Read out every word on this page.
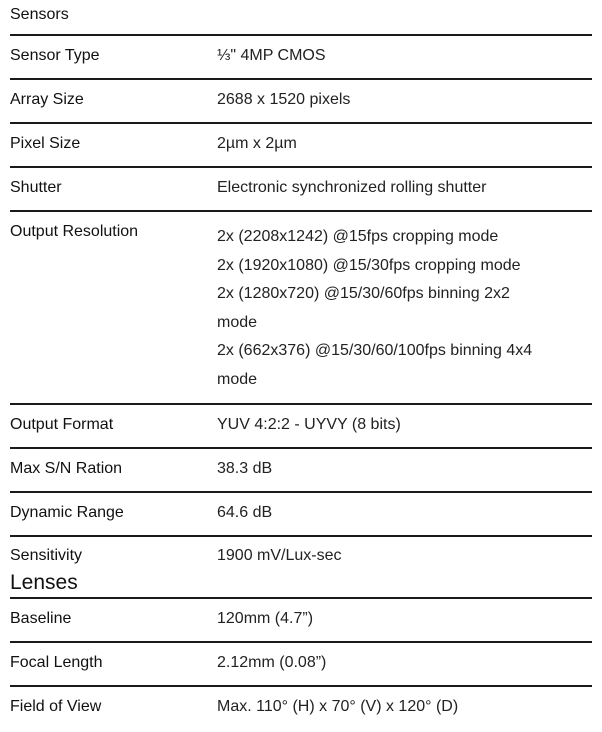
Sensors
Sensor Type	⅓" 4MP CMOS
Array Size	2688 x 1520 pixels
Pixel Size	2µm x 2µm
Shutter	Electronic synchronized rolling shutter
Output Resolution	2x (2208x1242) @15fps cropping mode
2x (1920x1080) @15/30fps cropping mode
2x (1280x720) @15/30/60fps binning 2x2
mode
2x (662x376) @15/30/60/100fps binning 4x4
mode
Output Format	YUV 4:2:2 - UYVY (8 bits)
Max S/N Ration	38.3 dB
Dynamic Range	64.6 dB
Sensitivity	1900 mV/Lux-sec
Lenses
Baseline	120mm (4.7”)
Focal Length	2.12mm (0.08”)
Field of View	Max. 110° (H) x 70° (V) x 120° (D)
